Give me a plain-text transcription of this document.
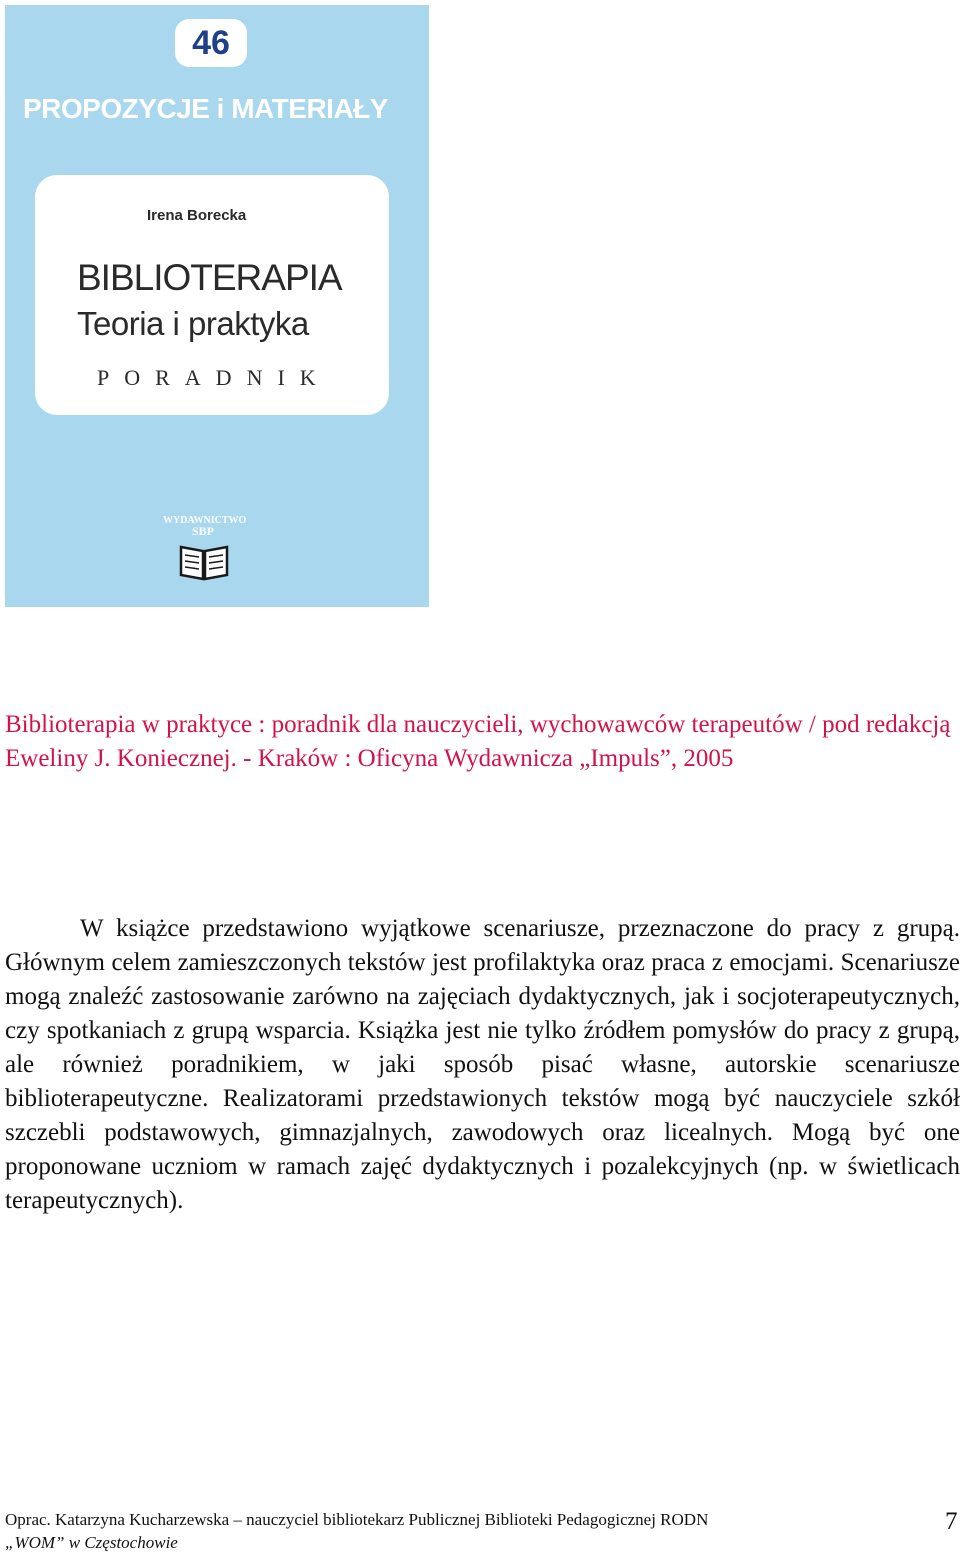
46
PROPOZYCJE i MATERIAŁY
Irena Borecka
BIBLIOTERAPIA
Teoria i praktyka
PORADNIK
WYDAWNICTWO
SBP
Biblioterapia w praktyce : poradnik dla nauczycieli, wychowawców terapeutów / pod redakcją Eweliny J. Koniecznej. - Kraków : Oficyna Wydawnicza „Impuls”, 2005
W książce przedstawiono wyjątkowe scenariusze, przeznaczone do pracy z grupą. Głównym celem zamieszczonych tekstów jest profilaktyka oraz praca z emocjami. Scenariusze mogą znaleźć zastosowanie zarówno na zajęciach dydaktycznych, jak i socjoterapeutycznych, czy spotkaniach z grupą wsparcia. Książka jest nie tylko źródłem pomysłów do pracy z grupą, ale również poradnikiem, w jaki sposób pisać własne, autorskie scenariusze biblioterapeutyczne. Realizatorami przedstawionych tekstów mogą być nauczyciele szkół szczebli podstawowych, gimnazjalnych, zawodowych oraz licealnych. Mogą być one proponowane uczniom w ramach zajęć dydaktycznych i pozalekcyjnych (np. w świetlicach terapeutycznych).
Oprac. Katarzyna Kucharzewska – nauczyciel bibliotekarz Publicznej Biblioteki Pedagogicznej RODN
„WOM” w Częstochowie
7
